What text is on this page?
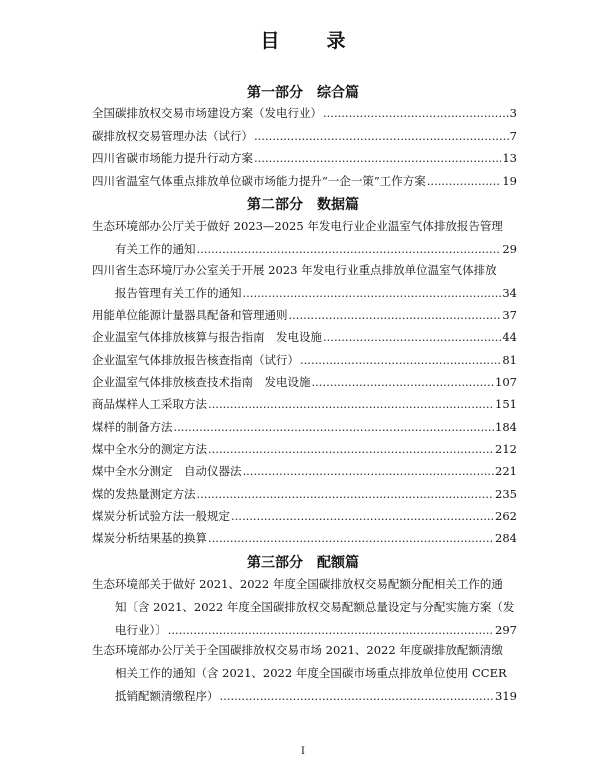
目　录
第一部分　综合篇
全国碳排放权交易市场建设方案（发电行业） .....	3
碳排放权交易管理办法（试行） .....	7
四川省碳市场能力提升行动方案 .....	13
四川省温室气体重点排放单位碳市场能力提升“一企一策”工作方案 .....	19
第二部分　数据篇
生态环境部办公厅关于做好 2023—2025 年发电行业企业温室气体排放报告管理
有关工作的通知 .....	29
四川省生态环境厅办公室关于开展 2023 年发电行业重点排放单位温室气体排放
报告管理有关工作的通知 .....	34
用能单位能源计量器具配备和管理通则 .....	37
企业温室气体排放核算与报告指南　发电设施 .....	44
企业温室气体排放报告核查指南（试行） .....	81
企业温室气体排放核查技术指南　发电设施 .....	107
商品煤样人工采取方法 .....	151
煤样的制备方法 .....	184
煤中全水分的测定方法 .....	212
煤中全水分测定　自动仪器法 .....	221
煤的发热量测定方法 .....	235
煤炭分析试验方法一般规定 .....	262
煤炭分析结果基的换算 .....	284
第三部分　配额篇
生态环境部关于做好 2021、2022 年度全国碳排放权交易配额分配相关工作的通
知〔含 2021、2022 年度全国碳排放权交易配额总量设定与分配实施方案（发
电行业）〕 .....	297
生态环境部办公厅关于全国碳排放权交易市场 2021、2022 年度碳排放配额清缴
相关工作的通知（含 2021、2022 年度全国碳市场重点排放单位使用 CCER
抵销配额清缴程序） .....	319
I
